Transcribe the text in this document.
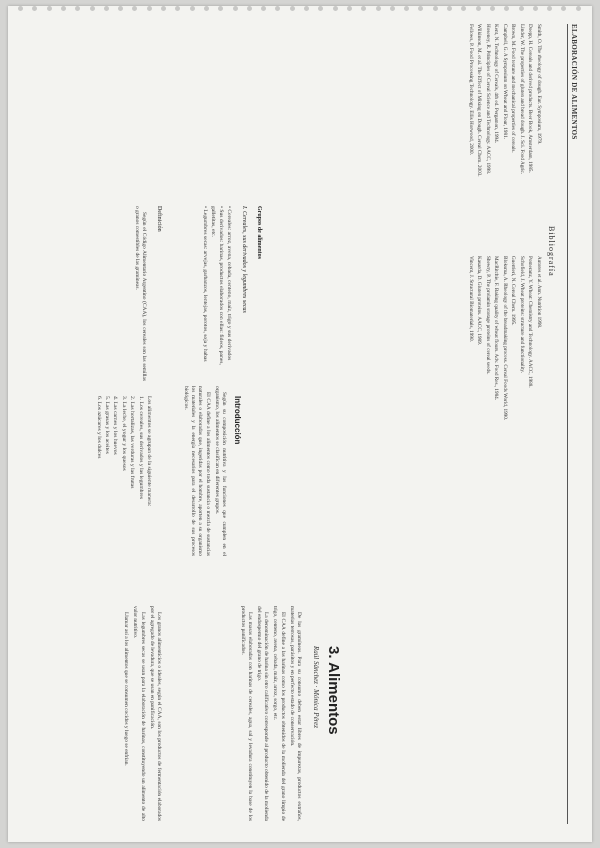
ELABORACIÓN DE ALIMENTOS
Bibliografía

Smith, O. The rheology of dough. Eur. Symposium, 1979.

Doepp, H. Cereals and derived products. Beer Book, Amsterdam, 1985.

Linder, W. The properties of gluten and bread dough. J. Sci. Food Agric.

Brown, M. Food texture and mechanical properties of cereals.

Campbell, G. A Symposium on Wheat and Flour, 1981.

Kent, N. Technology of Cereals, 4th ed. Pergamon, 1994.

Hoseney, R. Principles of Cereal Science and Technology. AACC, 1998.

Wilkinson, M. et al. The Effect of Mixing on Dough. Cereal Chem. 2003.

Fellows, P. Food Processing Technology. Ellis Horwood, 2000.

Autores et al. Ann. Nutrition 1998.

Pomeranz, Y. Wheat: Chemistry and Technology. AACC, 1988.

Schofield, J. Wheat proteins: structure and functionality.

Guerrieri, N. Cereal Chem. 1995.

Bloksma, A. Rheology of the breadmaking process. Cereal Foods World, 1990.

MacRitchie, F. Baking quality of wheat flours. Adv. Food Res., 1984.

Shewry, P. The prolamin storage proteins of cereal seeds.

Kasarda, D. Gluten proteins. AACC, 1989.

Vincent, J. Structural Biomaterials, 1990.

3. Alimentos
Raúl Sánchez · Mónica Pérez
Introducción

Según su composición nutritiva y las funciones que cumplen en el organismo, los alimentos se clasifican en diferentes grupos.

El CAA define a los alimentos como toda sustancia o mezcla de sustancias naturales o elaboradas que, ingeridas por el hombre, aporten a su organismo los materiales y la energía necesarios para el desarrollo de sus procesos biológicos.

Los alimentos se agrupan de la siguiente manera:
1. Los cereales, sus derivados y las legumbres
2. Las hortalizas, las verduras y las frutas
3. La leche, el yogur y los quesos
4. Las carnes y los huevos
5. Las grasas y los aceites
6. Los azúcares y los dulces
Grupos de alimentos
I. Cereales, sus derivados y legumbres secas
• Cereales: arroz, avena, cebada, centeno, maíz, trigo y sus derivados
• Sus derivados: harinas, productos elaborados con ellas: fideos, panes, galletitas, etc.
• Legumbres secas: arvejas, garbanzos, lentejas, porotos, soja y habas
Definición

Según el Código Alimentario Argentino (CAA), los cereales son las semillas o granos comestibles de las gramíneas.

De las gramíneas. Para su consumo deben estar libres de impurezas, productos extraños, materias terrosas, parásitos y en perfecto estado de conservación.

El CAA define a las harinas como los productos obtenidos de la molienda del grano limpio de trigo, centeno, avena, cebada, maíz, arroz, sorgo, etc.

La denominación de harina sin otro calificativo corresponde al producto obtenido de la molienda del endospermo del grano de trigo.

Las masas elaboradas con harinas de cereales, agua, sal y levadura constituyen la base de los productos panificados.

Los granos alimenticios o ideales, según el CAA, son los productos de fermentación elaborados por el agregado de levadura, que se usan en panificación.

Las legumbres secas se usan para la elaboración de harinas, constituyendo un alimento de alto valor nutritivo.

Llamar así a los alimentos que se consumen cocidos y luego se enfrían.
